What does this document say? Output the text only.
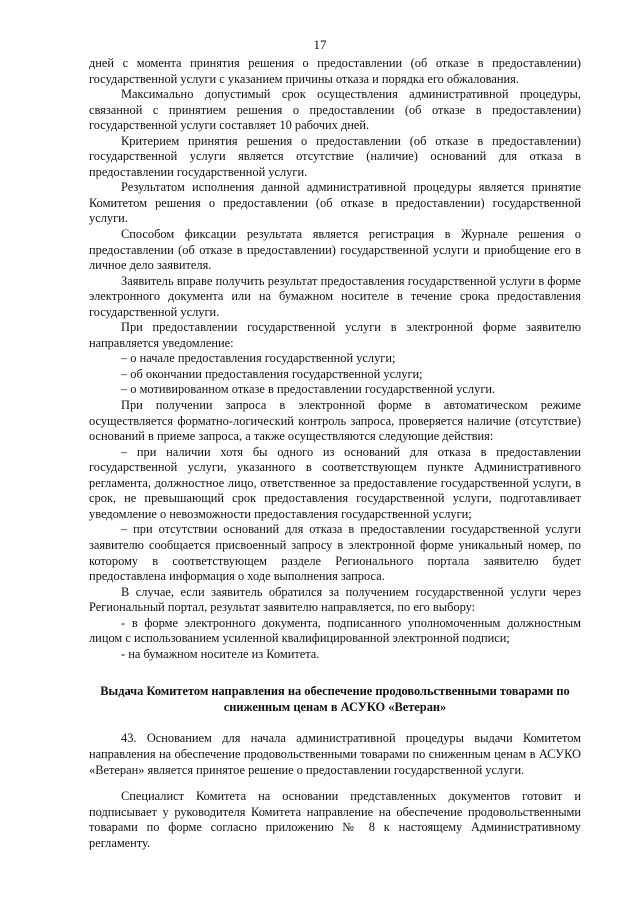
17

дней с момента принятия решения о предоставлении (об отказе в предоставлении) государственной услуги с указанием причины отказа и порядка его обжалования.

Максимально допустимый срок осуществления административной процедуры, связанной с принятием решения о предоставлении (об отказе в предоставлении) государственной услуги составляет 10 рабочих дней.

Критерием принятия решения о предоставлении (об отказе в предоставлении) государственной услуги является отсутствие (наличие) оснований для отказа в предоставлении государственной услуги.

Результатом исполнения данной административной процедуры является принятие Комитетом решения о предоставлении (об отказе в предоставлении) государственной услуги.

Способом фиксации результата является регистрация в Журнале решения о предоставлении (об отказе в предоставлении) государственной услуги и приобщение его в личное дело заявителя.

Заявитель вправе получить результат предоставления государственной услуги в форме электронного документа или на бумажном носителе в течение срока предоставления государственной услуги.

При предоставлении государственной услуги в электронной форме заявителю направляется уведомление:

– о начале предоставления государственной услуги;

– об окончании предоставления государственной услуги;

– о мотивированном отказе в предоставлении государственной услуги.

При получении запроса в электронной форме в автоматическом режиме осуществляется форматно-логический контроль запроса, проверяется наличие (отсутствие) оснований в приеме запроса, а также осуществляются следующие действия:

– при наличии хотя бы одного из оснований для отказа в предоставлении государственной услуги, указанного в соответствующем пункте Административного регламента, должностное лицо, ответственное за предоставление государственной услуги, в срок, не превышающий срок предоставления государственной услуги, подготавливает уведомление о невозможности предоставления государственной услуги;

– при отсутствии оснований для отказа в предоставлении государственной услуги заявителю сообщается присвоенный запросу в электронной форме уникальный номер, по которому в соответствующем разделе Регионального портала заявителю будет предоставлена информация о ходе выполнения запроса.

В случае, если заявитель обратился за получением государственной услуги через Региональный портал, результат заявителю направляется, по его выбору:

- в форме электронного документа, подписанного уполномоченным должностным лицом с использованием усиленной квалифицированной электронной подписи;

- на бумажном носителе из Комитета.

Выдача Комитетом направления на обеспечение продовольственными товарами по сниженным ценам в АСУКО «Ветеран»

43. Основанием для начала административной процедуры выдачи Комитетом направления на обеспечение продовольственными товарами по сниженным ценам в АСУКО «Ветеран» является принятое решение о предоставлении государственной услуги.

Специалист Комитета на основании представленных документов готовит и подписывает у руководителя Комитета направление на обеспечение продовольственными товарами по форме согласно приложению № 8 к настоящему Административному регламенту.
